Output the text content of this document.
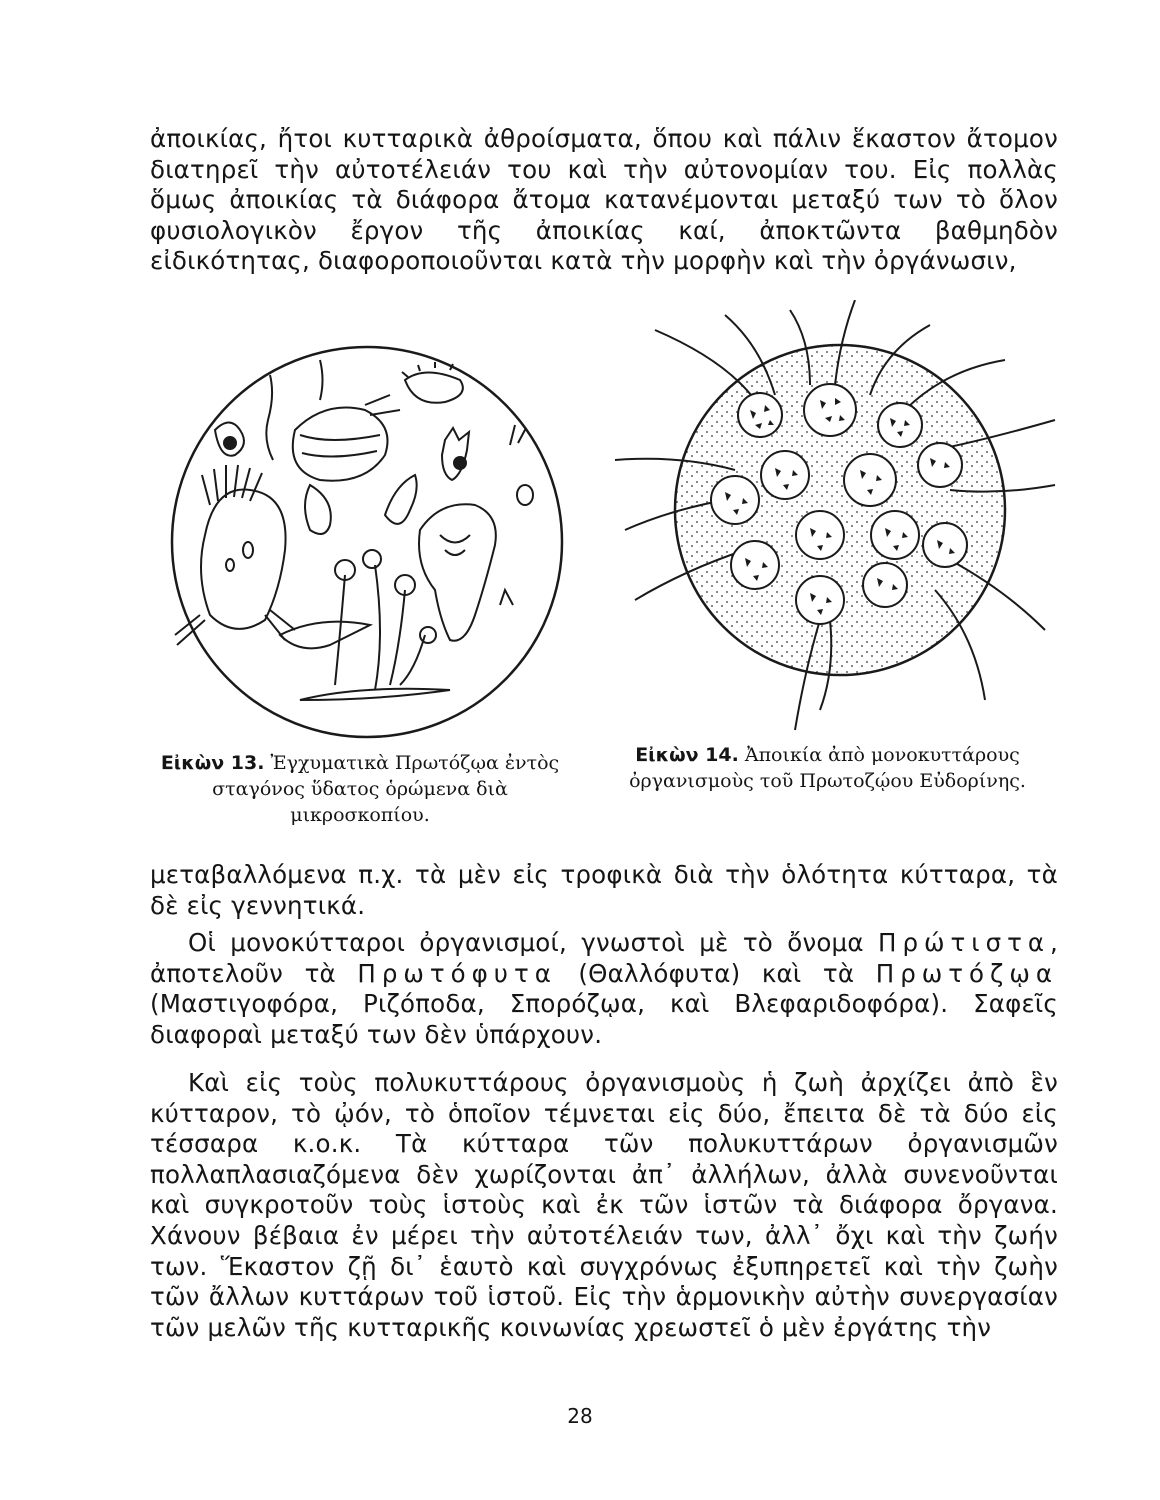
ἀποικίας, ἤτοι κυτταρικὰ ἀθροίσματα, ὅπου καὶ πάλιν ἕκαστον ἄτομον διατηρεῖ τὴν αὐτοτέλειάν του καὶ τὴν αὐτονομίαν του. Εἰς πολλὰς ὅμως ἀποικίας τὰ διάφορα ἄτομα κατανέμονται μεταξύ των τὸ ὅλον φυσιολογικὸν ἔργον τῆς ἀποικίας καί, ἀποκτῶντα βαθμηδὸν εἰδικότητας, διαφοροποιοῦνται κατὰ τὴν μορφὴν καὶ τὴν ὀργάνωσιν,

Εἰκὼν 13. Ἐγχυματικὰ Πρωτόζῳα ἐντὸς σταγόνος ὕδατος ὁρώμενα διὰ μικροσκοπίου.
Εἰκὼν 14. Ἀποικία ἀπὸ μονοκυττάρους ὀργανισμοὺς τοῦ Πρωτοζῴου Εὐδορίνης.

μεταβαλλόμενα π.χ. τὰ μὲν εἰς τροφικὰ διὰ τὴν ὁλότητα κύτταρα, τὰ δὲ εἰς γεννητικά.

Οἱ μονοκύτταροι ὀργανισμοί, γνωστοὶ μὲ τὸ ὄνομα Πρώτιστα, ἀποτελοῦν τὰ Πρωτόφυτα (Θαλλόφυτα) καὶ τὰ Πρωτόζῳα (Μαστιγοφόρα, Ριζόποδα, Σπορόζῳα, καὶ Βλεφαριδοφόρα). Σαφεῖς διαφοραὶ μεταξύ των δὲν ὑπάρχουν.

Καὶ εἰς τοὺς πολυκυττάρους ὀργανισμοὺς ἡ ζωὴ ἀρχίζει ἀπὸ ἓν κύτταρον, τὸ ᾠόν, τὸ ὁποῖον τέμνεται εἰς δύο, ἔπειτα δὲ τὰ δύο εἰς τέσσαρα κ.ο.κ. Τὰ κύτταρα τῶν πολυκυττάρων ὀργανισμῶν πολλαπλασιαζόμενα δὲν χωρίζονται ἀπ᾿ ἀλλήλων, ἀλλὰ συνενοῦνται καὶ συγκροτοῦν τοὺς ἱστοὺς καὶ ἐκ τῶν ἱστῶν τὰ διάφορα ὄργανα. Χάνουν βέβαια ἐν μέρει τὴν αὐτοτέλειάν των, ἀλλ᾿ ὄχι καὶ τὴν ζωήν των. Ἕκαστον ζῇ δι᾿ ἑαυτὸ καὶ συγχρόνως ἐξυπηρετεῖ καὶ τὴν ζωὴν τῶν ἄλλων κυττάρων τοῦ ἱστοῦ. Εἰς τὴν ἁρμονικὴν αὐτὴν συνεργασίαν τῶν μελῶν τῆς κυτταρικῆς κοινωνίας χρεωστεῖ ὁ μὲν ἐργάτης τὴν

28
